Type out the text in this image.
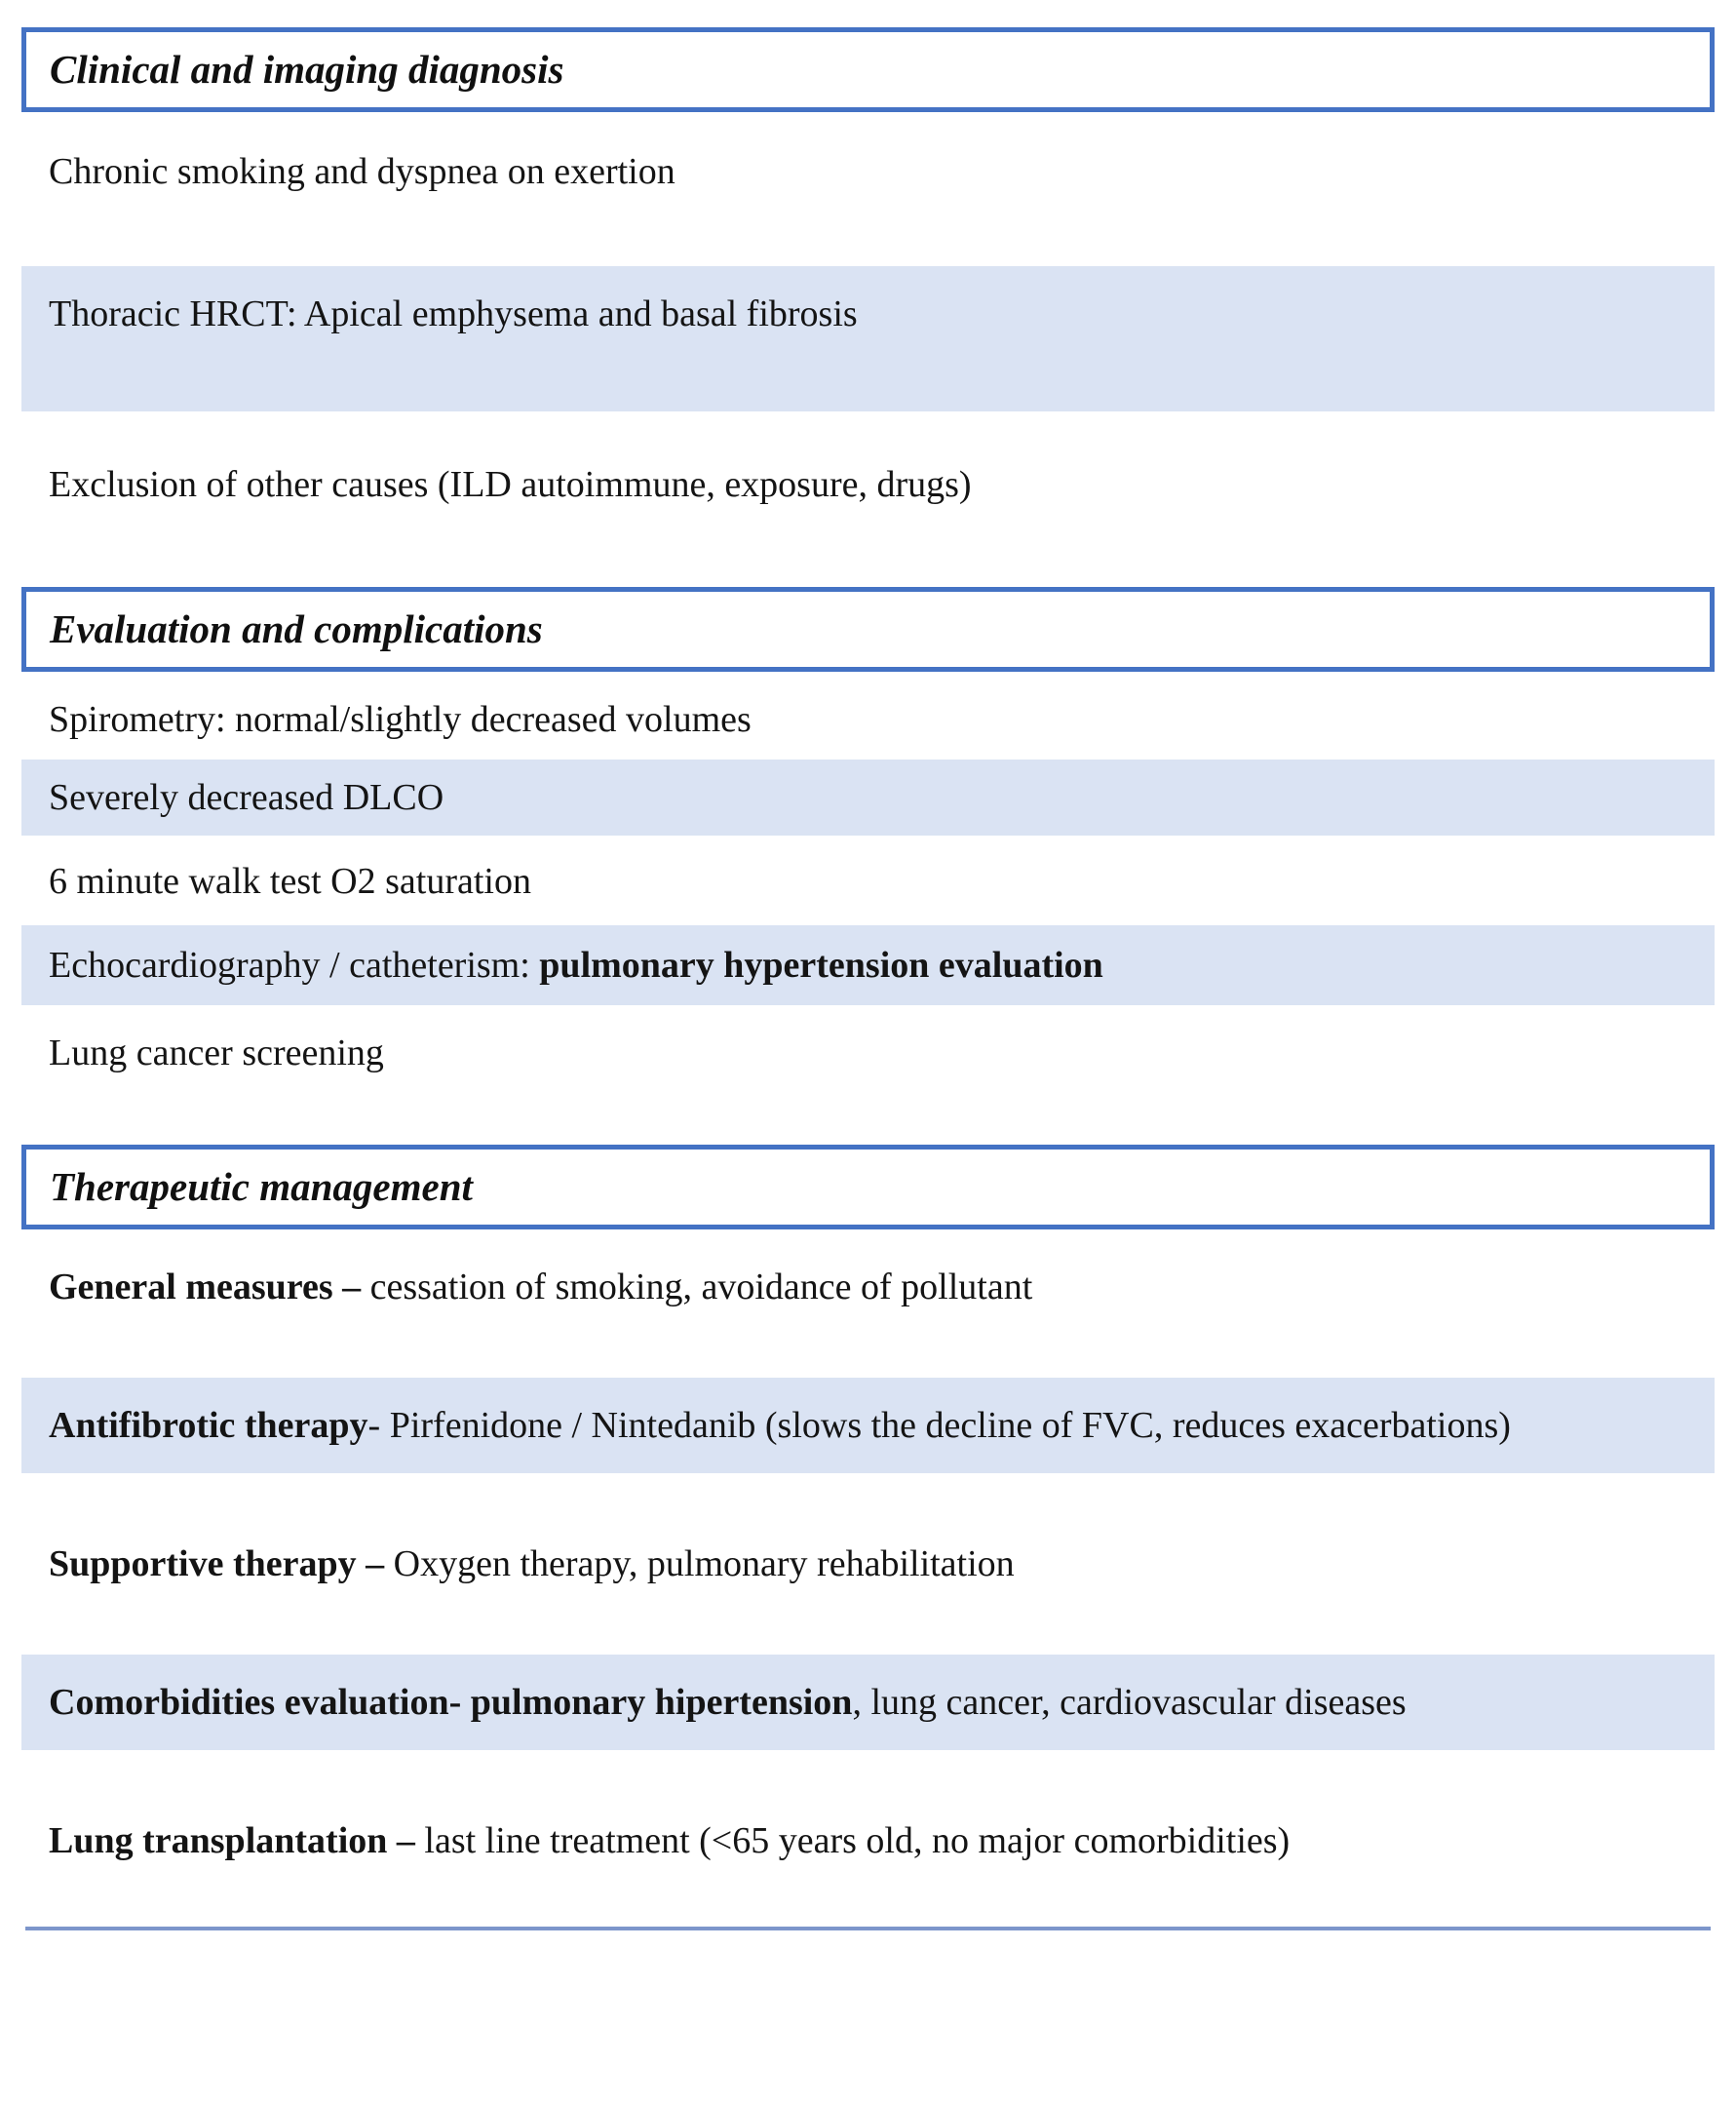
Clinical and imaging diagnosis
Chronic smoking and dyspnea on exertion
Thoracic HRCT: Apical emphysema and basal fibrosis
Exclusion of other causes (ILD autoimmune, exposure, drugs)
Evaluation and complications
Spirometry: normal/slightly decreased volumes
Severely decreased DLCO
6 minute walk test O2 saturation
Echocardiography / catheterism: pulmonary hypertension evaluation
Lung cancer screening
Therapeutic management
General measures – cessation of smoking, avoidance of pollutant
Antifibrotic therapy- Pirfenidone / Nintedanib (slows the decline of FVC, reduces exacerbations)
Supportive therapy – Oxygen therapy, pulmonary rehabilitation
Comorbidities evaluation- pulmonary hipertension, lung cancer, cardiovascular diseases
Lung transplantation – last line treatment (<65 years old, no major comorbidities)
